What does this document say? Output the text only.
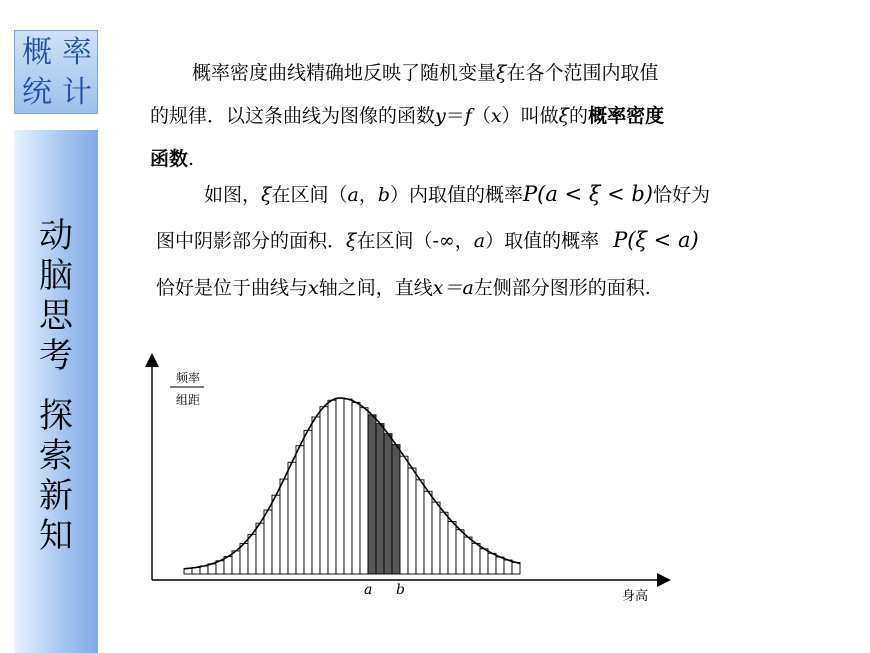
概 率
统 计
动
脑
思
考
探
索
新
知
概率密度曲线精确地反映了随机变量ξ在各个范围内取值
的规律．以这条曲线为图像的函数y＝f（x）叫做ξ的概率密度
函数.
如图，ξ在区间（a，b）内取值的概率P(a < ξ < b)恰好为
图中阴影部分的面积．ξ在区间（-∞，a）取值的概率 P(ξ < a)
恰好是位于曲线与x轴之间，直线x＝a左侧部分图形的面积.
频率
组距
身高
a b
